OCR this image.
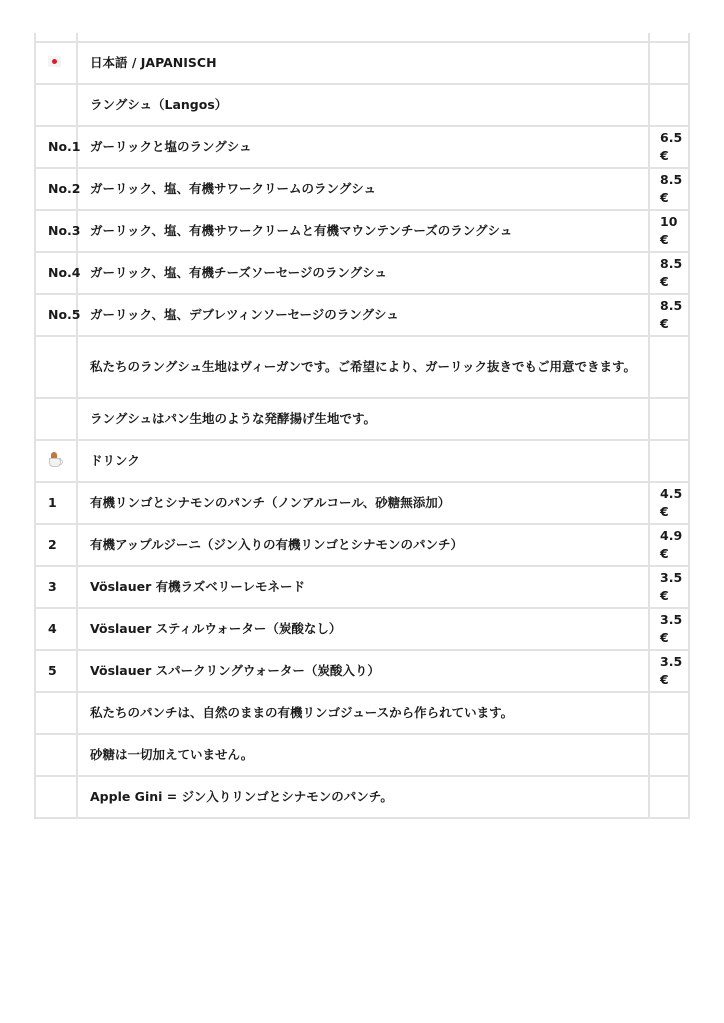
	日本語 / JAPANISCH	
	ラングシュ（Langos）	
No.1	ガーリックと塩のラングシュ	6.5 €
No.2	ガーリック、塩、有機サワークリームのラングシュ	8.5 €
No.3	ガーリック、塩、有機サワークリームと有機マウンテンチーズのラングシュ	10 €
No.4	ガーリック、塩、有機チーズソーセージのラングシュ	8.5 €
No.5	ガーリック、塩、デブレツィンソーセージのラングシュ	8.5 €
	私たちのラングシュ生地はヴィーガンです。ご希望により、ガーリック抜きでもご用意できます。	
	ラングシュはパン生地のような発酵揚げ生地です。	

	ドリンク	
1	有機リンゴとシナモンのパンチ（ノンアルコール、砂糖無添加）	4.5 €
2	有機アップルジーニ（ジン入りの有機リンゴとシナモンのパンチ）	4.9 €
3	Vöslauer 有機ラズベリーレモネード	3.5 €
4	Vöslauer スティルウォーター（炭酸なし）	3.5 €
5	Vöslauer スパークリングウォーター（炭酸入り）	3.5 €
	私たちのパンチは、自然のままの有機リンゴジュースから作られています。	
	砂糖は一切加えていません。	
	Apple Gini = ジン入りリンゴとシナモンのパンチ。	
